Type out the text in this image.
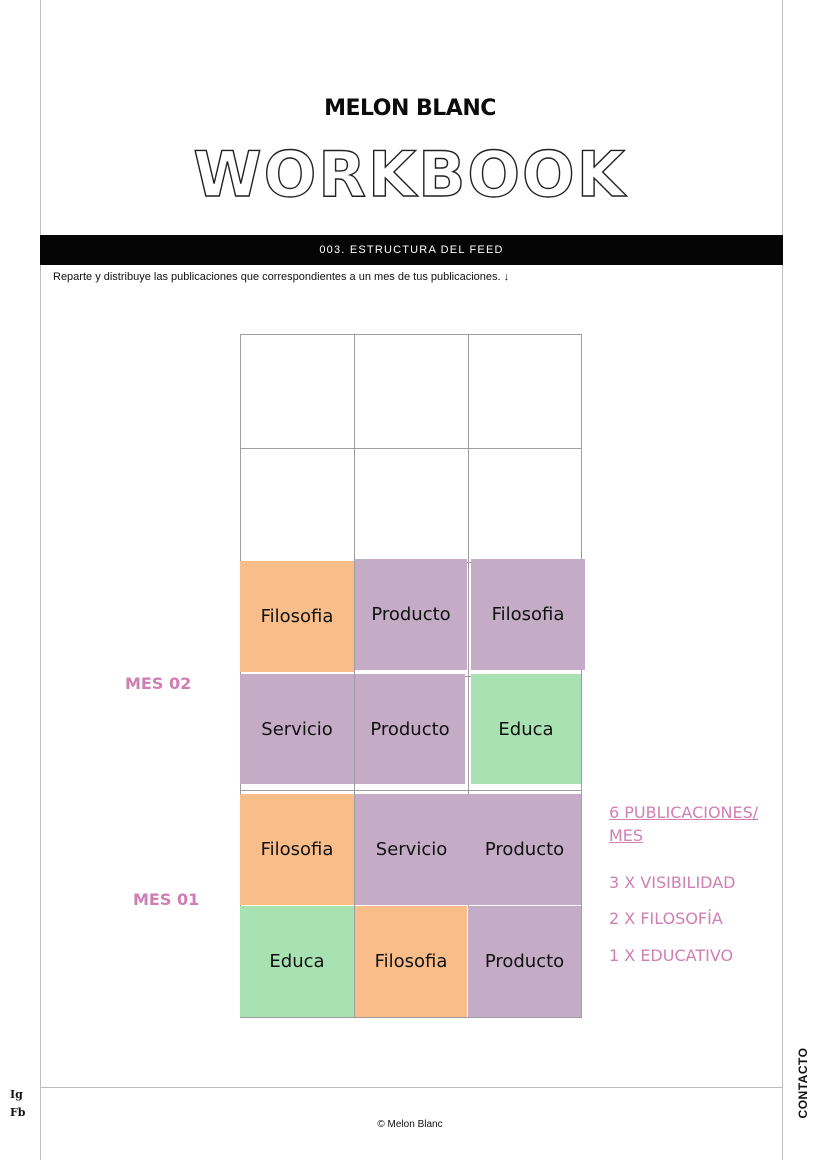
MELON BLANC
WORKBOOK
003. ESTRUCTURA DEL FEED
Reparte y distribuye las publicaciones que correspondientes a un mes de tus publicaciones. ↓
Filosofia Producto Filosofia
Servicio Producto	Educa
Filosofia Servicio Producto
Educa	Filosofia Producto
MES 02
MES 01
6 PUBLICACIONES/ MES
3 X VISIBILIDAD
2 X FILOSOFÍA
1 X EDUCATIVO
Ig
Fb
© Melon Blanc
CONTACTO
